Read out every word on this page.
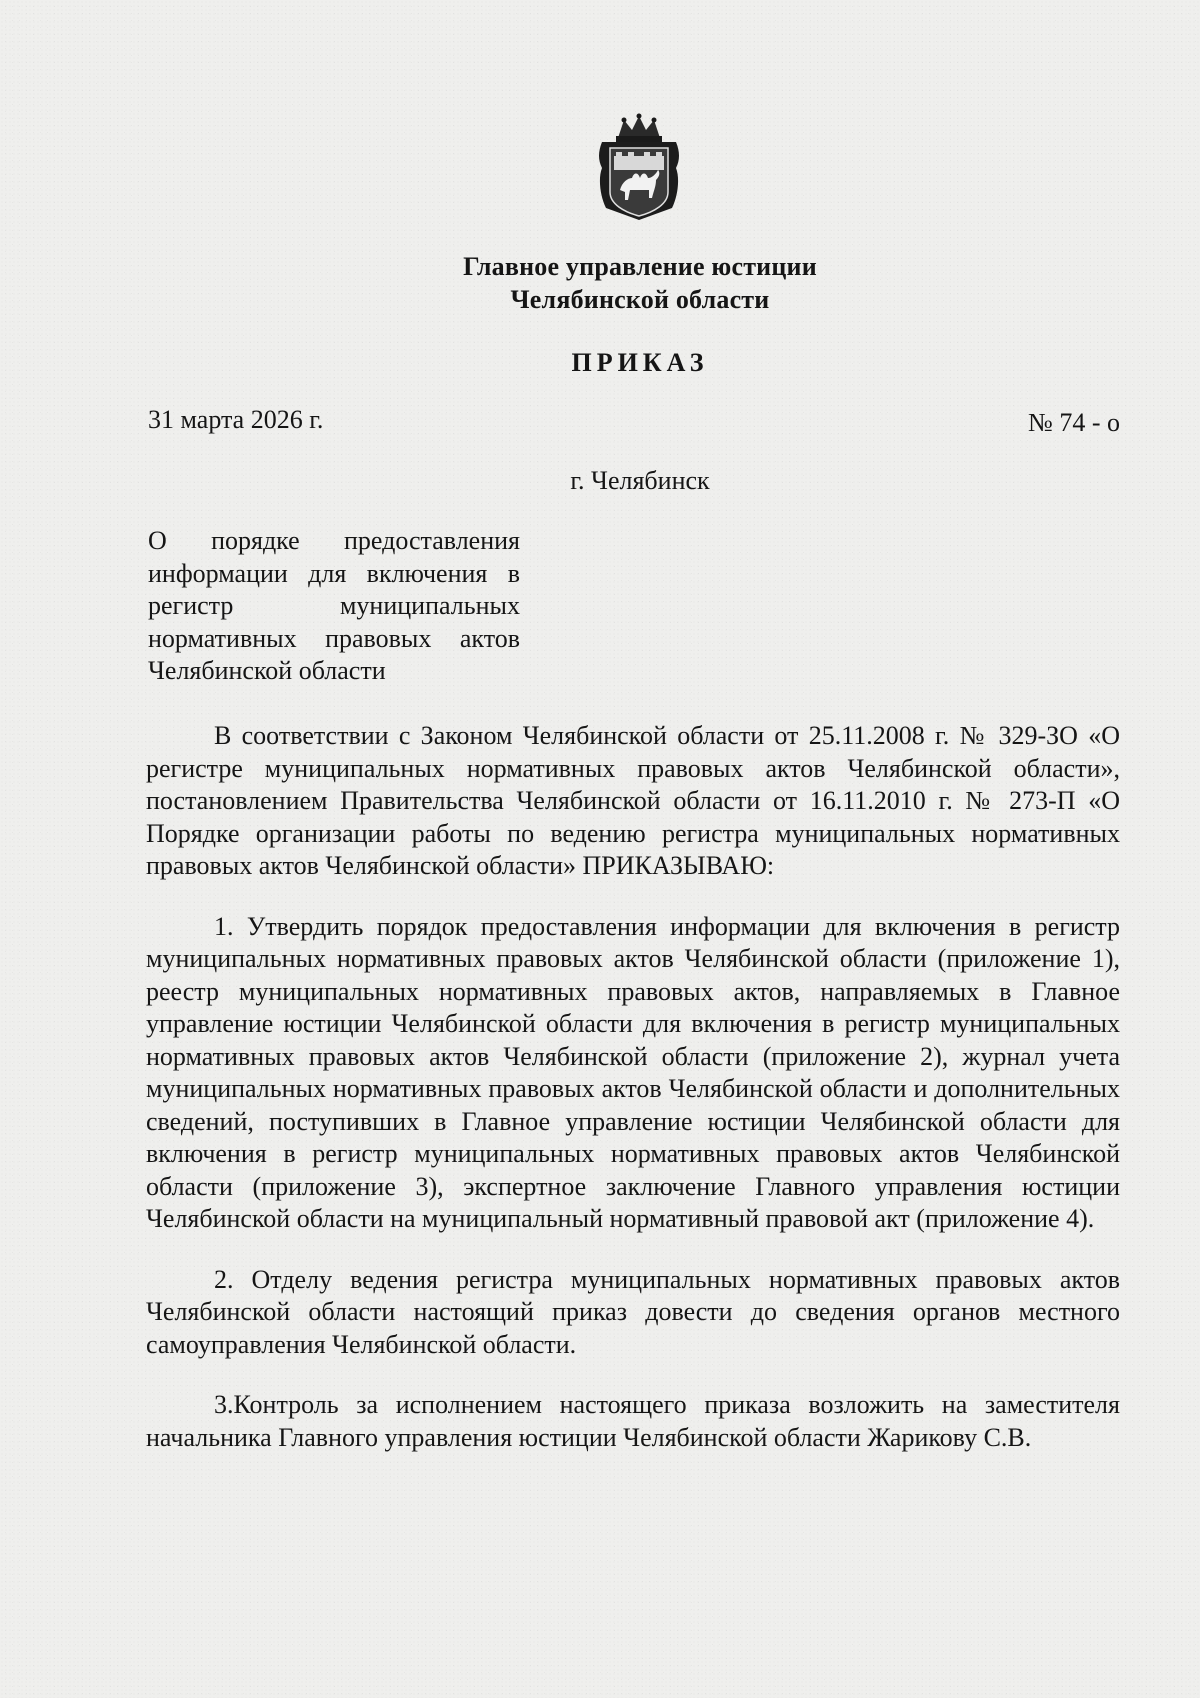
Главное управление юстиции
Челябинской области
ПРИКАЗ
31 марта 2026 г.	№ 74 - о
г. Челябинск
О порядке предоставления информации для включения в регистр муниципальных нормативных правовых актов Челябинской области

В соответствии с Законом Челябинской области от 25.11.2008 г. № 329-ЗО «О регистре муниципальных нормативных правовых актов Челябинской области», постановлением Правительства Челябинской области от 16.11.2010 г. № 273-П «О Порядке организации работы по ведению регистра муниципальных нормативных правовых актов Челябинской области» ПРИКАЗЫВАЮ:

1. Утвердить порядок предоставления информации для включения в регистр муниципальных нормативных правовых актов Челябинской области (приложение 1), реестр муниципальных нормативных правовых актов, направляемых в Главное управление юстиции Челябинской области для включения в регистр муниципальных нормативных правовых актов Челябинской области (приложение 2), журнал учета муниципальных нормативных правовых актов Челябинской области и дополнительных сведений, поступивших в Главное управление юстиции Челябинской области для включения в регистр муниципальных нормативных правовых актов Челябинской области (приложение 3), экспертное заключение Главного управления юстиции Челябинской области на муниципальный нормативный правовой акт (приложение 4).

2. Отделу ведения регистра муниципальных нормативных правовых актов Челябинской области настоящий приказ довести до сведения органов местного самоуправления Челябинской области.

3.Контроль за исполнением настоящего приказа возложить на заместителя начальника Главного управления юстиции Челябинской области Жарикову С.В.
